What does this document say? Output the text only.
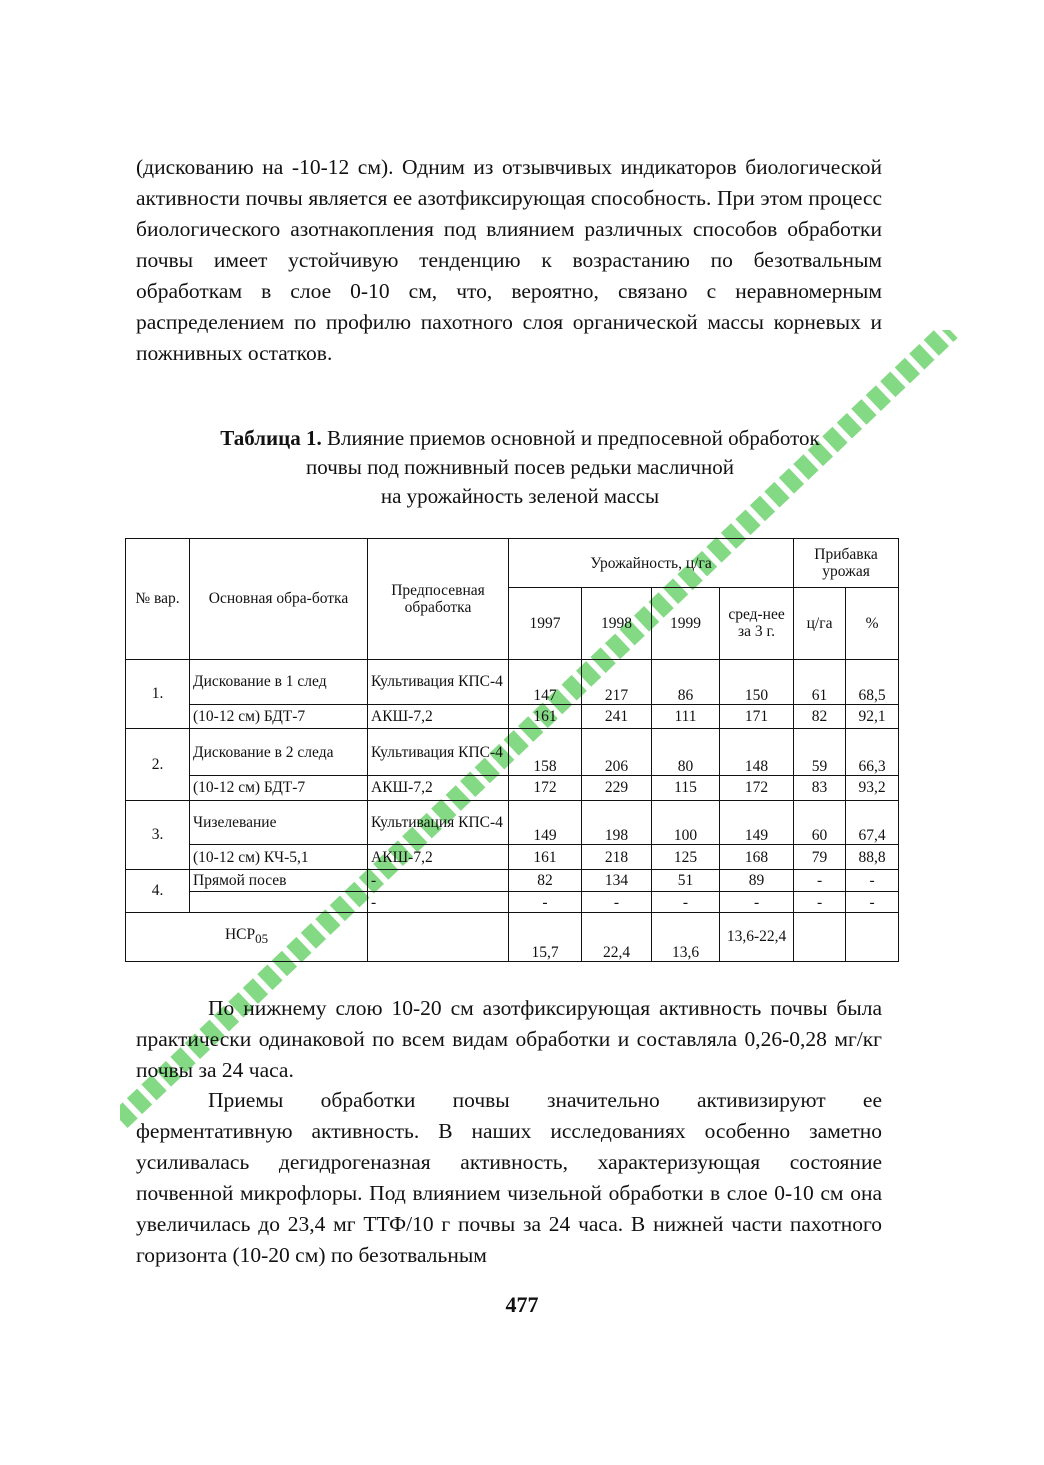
(дискованию на -10-12 см). Одним из отзывчивых индикаторов биологической активности почвы является ее азотфиксирующая способность. При этом процесс биологического азотнакопления под влиянием различных способов обработки почвы имеет устойчивую тенденцию к возрастанию по безотвальным обработкам в слое 0-10 см, что, вероятно, связано с неравномерным распределением по профилю пахотного слоя органической массы корневых и пожнивных остатков.
Таблица 1. Влияние приемов основной и предпосевной обработок
почвы под пожнивный посев редьки масличной
на урожайность зеленой массы
№ вар.	Основная обра-ботка	Предпосевная обработка	Урожайность, ц/га				Прибавка урожая	
			1997	1998	1999	сред-нее за 3 г.	ц/га	%
1.	Дискование в 1 след	Культивация КПС-4	147	217	86	150	61	68,5
	(10-12 см) БДТ-7	АКШ-7,2	161	241	111	171	82	92,1
2.	Дискование в 2 следа	Культивация КПС-4	158	206	80	148	59	66,3
	(10-12 см) БДТ-7	АКШ-7,2	172	229	115	172	83	93,2
3.	Чизелевание	Культивация КПС-4	149	198	100	149	60	67,4
	(10-12 см) КЧ-5,1	АКШ-7,2	161	218	125	168	79	88,8
4.	Прямой посев	-	82	134	51	89	-	-
		-	-	-	-	-	-	-
$НСР_{05}$			15,7	22,4	13,6	13,6-22,4		
По нижнему слою 10-20 см азотфиксирующая активность почвы была практически одинаковой по всем видам обработки и составляла 0,26-0,28 мг/кг почвы за 24 часа.
Приемы обработки почвы значительно активизируют ее ферментативную активность. В наших исследованиях особенно заметно усиливалась дегидрогеназная активность, характеризующая состояние почвенной микрофлоры. Под влиянием чизельной обработки в слое 0-10 см она увеличилась до 23,4 мг ТТФ/10 г почвы за 24 часа. В нижней части пахотного горизонта (10-20 см) по безотвальным
477
